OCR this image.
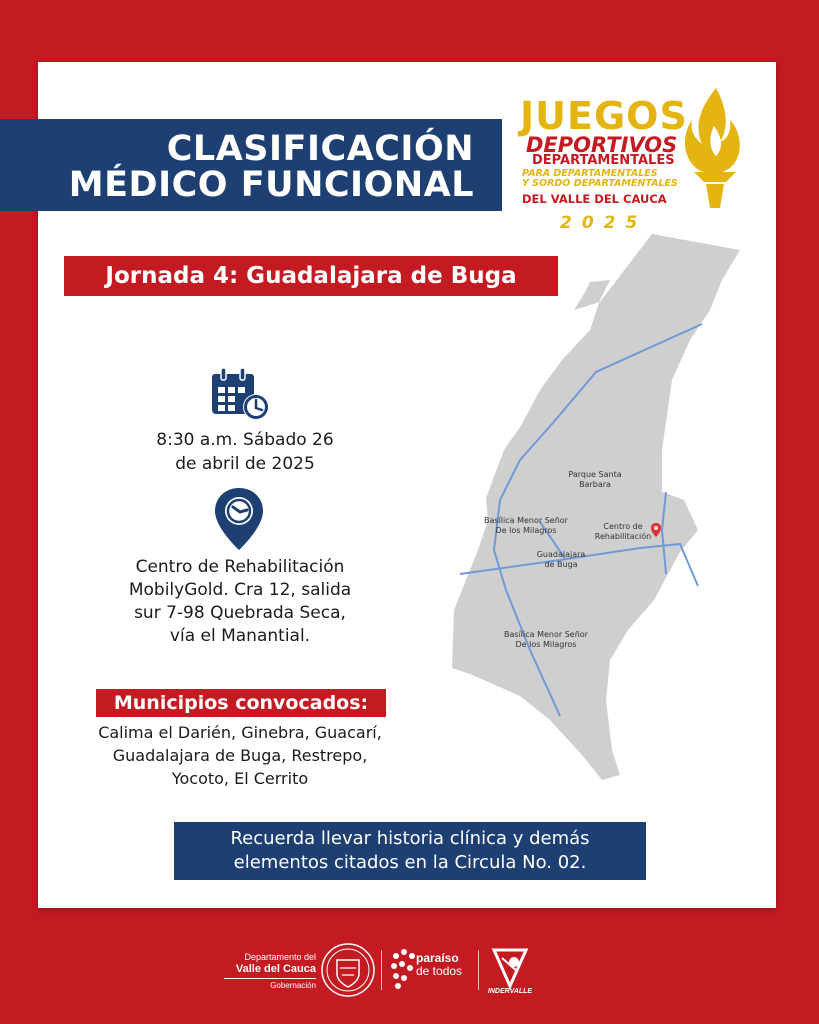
CLASIFICACIÓN
MÉDICO FUNCIONAL
JUEGOS
DEPORTIVOS
DEPARTAMENTALES
PARA DEPARTAMENTALES
Y SORDO DEPARTAMENTALES
DEL VALLE DEL CAUCA
2025
Jornada 4: Guadalajara de Buga
8:30 a.m. Sábado 26
de abril de 2025
Centro de Rehabilitación
MobilyGold. Cra 12, salida
sur 7-98 Quebrada Seca,
vía el Manantial.
Municipios convocados:
Calima el Darién, Ginebra, Guacarí,
Guadalajara de Buga, Restrepo,
Yocoto, El Cerrito
Parque Santa
Barbara
Basílica Menor Señor
De los Milagros	Centro de
Rehabilitación
Guadalajara
de Buga
Basílica Menor Señor
De los Milagros
Recuerda llevar historia clínica y demás
elementos citados en la Circula No. 02.
Departamento del
Valle del Cauca
Gobernación
paraíso
de todos
INDERVALLE
